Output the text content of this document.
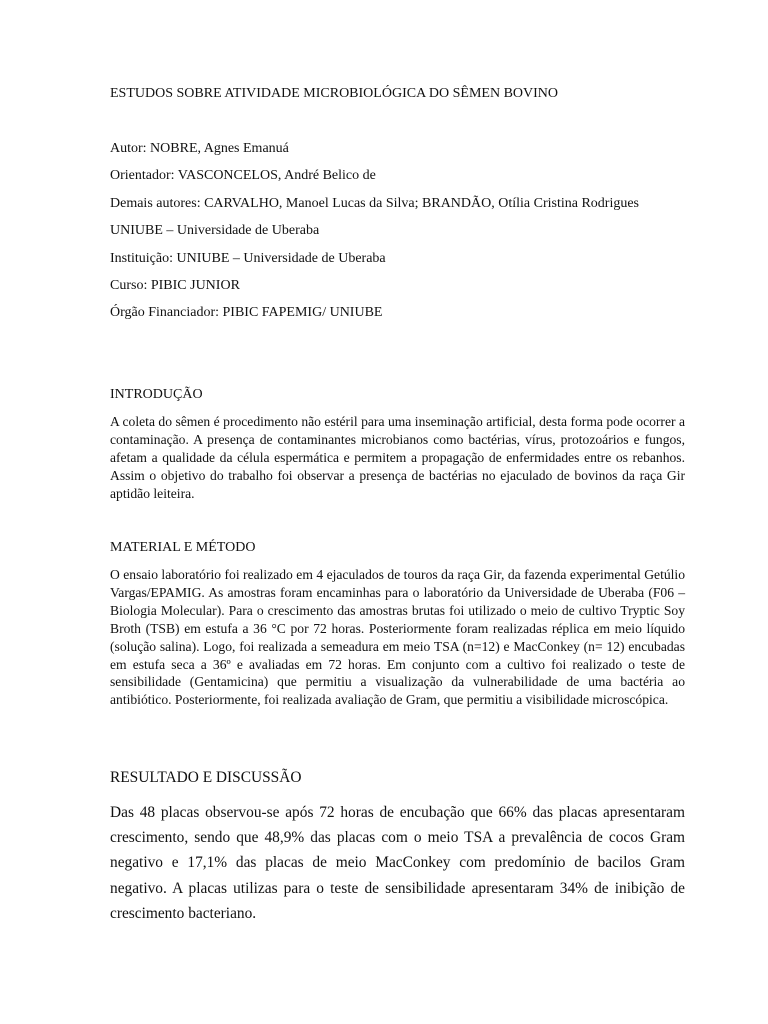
ESTUDOS SOBRE ATIVIDADE MICROBIOLÓGICA DO SÊMEN BOVINO
Autor: NOBRE, Agnes Emanuá
Orientador: VASCONCELOS, André Belico de
Demais autores: CARVALHO, Manoel Lucas da Silva; BRANDÃO, Otília Cristina Rodrigues
UNIUBE – Universidade de Uberaba
Instituição: UNIUBE – Universidade de Uberaba
Curso: PIBIC JUNIOR
Órgão Financiador: PIBIC FAPEMIG/ UNIUBE
INTRODUÇÃO
A coleta do sêmen é procedimento não estéril para uma inseminação artificial, desta forma pode ocorrer a contaminação. A presença de contaminantes microbianos como bactérias, vírus, protozoários e fungos, afetam a qualidade da célula espermática e permitem a propagação de enfermidades entre os rebanhos. Assim o objetivo do trabalho foi observar a presença de bactérias no ejaculado de bovinos da raça Gir aptidão leiteira.
MATERIAL E MÉTODO
O ensaio laboratório foi realizado em 4 ejaculados de touros da raça Gir, da fazenda experimental Getúlio Vargas/EPAMIG. As amostras foram encaminhas para o laboratório da Universidade de Uberaba (F06 – Biologia Molecular). Para o crescimento das amostras brutas foi utilizado o meio de cultivo Tryptic Soy Broth (TSB) em estufa a 36 °C por 72 horas. Posteriormente foram realizadas réplica em meio líquido (solução salina). Logo, foi realizada a semeadura em meio TSA (n=12) e MacConkey (n= 12) encubadas em estufa seca a 36º e avaliadas em 72 horas. Em conjunto com a cultivo foi realizado o teste de sensibilidade (Gentamicina) que permitiu a visualização da vulnerabilidade de uma bactéria ao antibiótico. Posteriormente, foi realizada avaliação de Gram, que permitiu a visibilidade microscópica.
RESULTADO E DISCUSSÃO
Das 48 placas observou-se após 72 horas de encubação que 66% das placas apresentaram crescimento, sendo que 48,9% das placas com o meio TSA a prevalência de cocos Gram negativo e 17,1% das placas de meio MacConkey com predomínio de bacilos Gram negativo. A placas utilizas para o teste de sensibilidade apresentaram 34% de inibição de crescimento bacteriano.
